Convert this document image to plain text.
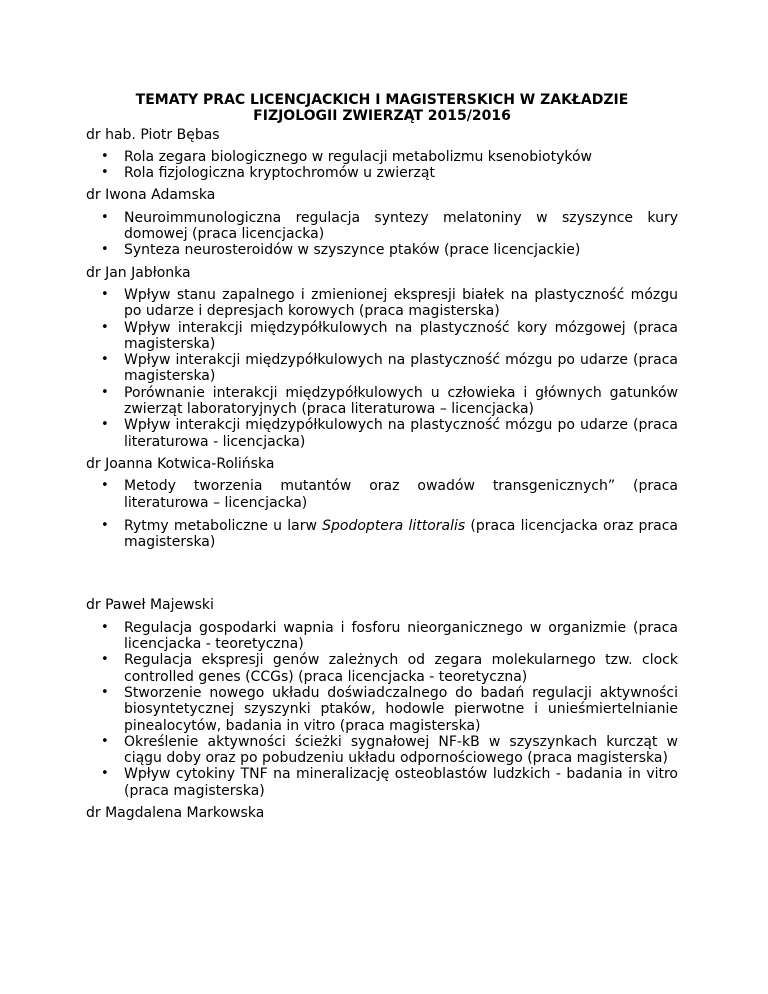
TEMATY PRAC LICENCJACKICH I MAGISTERSKICH W ZAKŁADZIE
FIZJOLOGII ZWIERZĄT 2015/2016
dr hab. Piotr Bębas
• Rola zegara biologicznego w regulacji metabolizmu ksenobiotyków
• Rola fizjologiczna kryptochromów u zwierząt
dr Iwona Adamska
• Neuroimmunologiczna regulacja syntezy melatoniny w szyszynce kury domowej (praca licencjacka)
• Synteza neurosteroidów w szyszynce ptaków (prace licencjackie)
dr Jan Jabłonka
• Wpływ stanu zapalnego i zmienionej ekspresji białek na plastyczność mózgu po udarze i depresjach korowych (praca magisterska)
• Wpływ interakcji międzypółkulowych na plastyczność kory mózgowej (praca magisterska)
• Wpływ interakcji międzypółkulowych na plastyczność mózgu po udarze (praca magisterska)
• Porównanie interakcji międzypółkulowych u człowieka i głównych gatunków zwierząt laboratoryjnych (praca literaturowa – licencjacka)
• Wpływ interakcji międzypółkulowych na plastyczność mózgu po udarze (praca literaturowa - licencjacka)
dr Joanna Kotwica-Rolińska
• Metody tworzenia mutantów oraz owadów transgenicznych” (praca literaturowa – licencjacka)
• Rytmy metaboliczne u larw Spodoptera littoralis (praca licencjacka oraz praca magisterska)
dr Paweł Majewski
• Regulacja gospodarki wapnia i fosforu nieorganicznego w organizmie (praca licencjacka - teoretyczna)
• Regulacja ekspresji genów zależnych od zegara molekularnego tzw. clock controlled genes (CCGs) (praca licencjacka - teoretyczna)
• Stworzenie nowego układu doświadczalnego do badań regulacji aktywności biosyntetycznej szyszynki ptaków, hodowle pierwotne i unieśmiertelnianie pinealocytów, badania in vitro (praca magisterska)
• Określenie aktywności ścieżki sygnałowej NF-kB w szyszynkach kurcząt w ciągu doby oraz po pobudzeniu układu odpornościowego (praca magisterska)
• Wpływ cytokiny TNF na mineralizację osteoblastów ludzkich - badania in vitro (praca magisterska)
dr Magdalena Markowska
